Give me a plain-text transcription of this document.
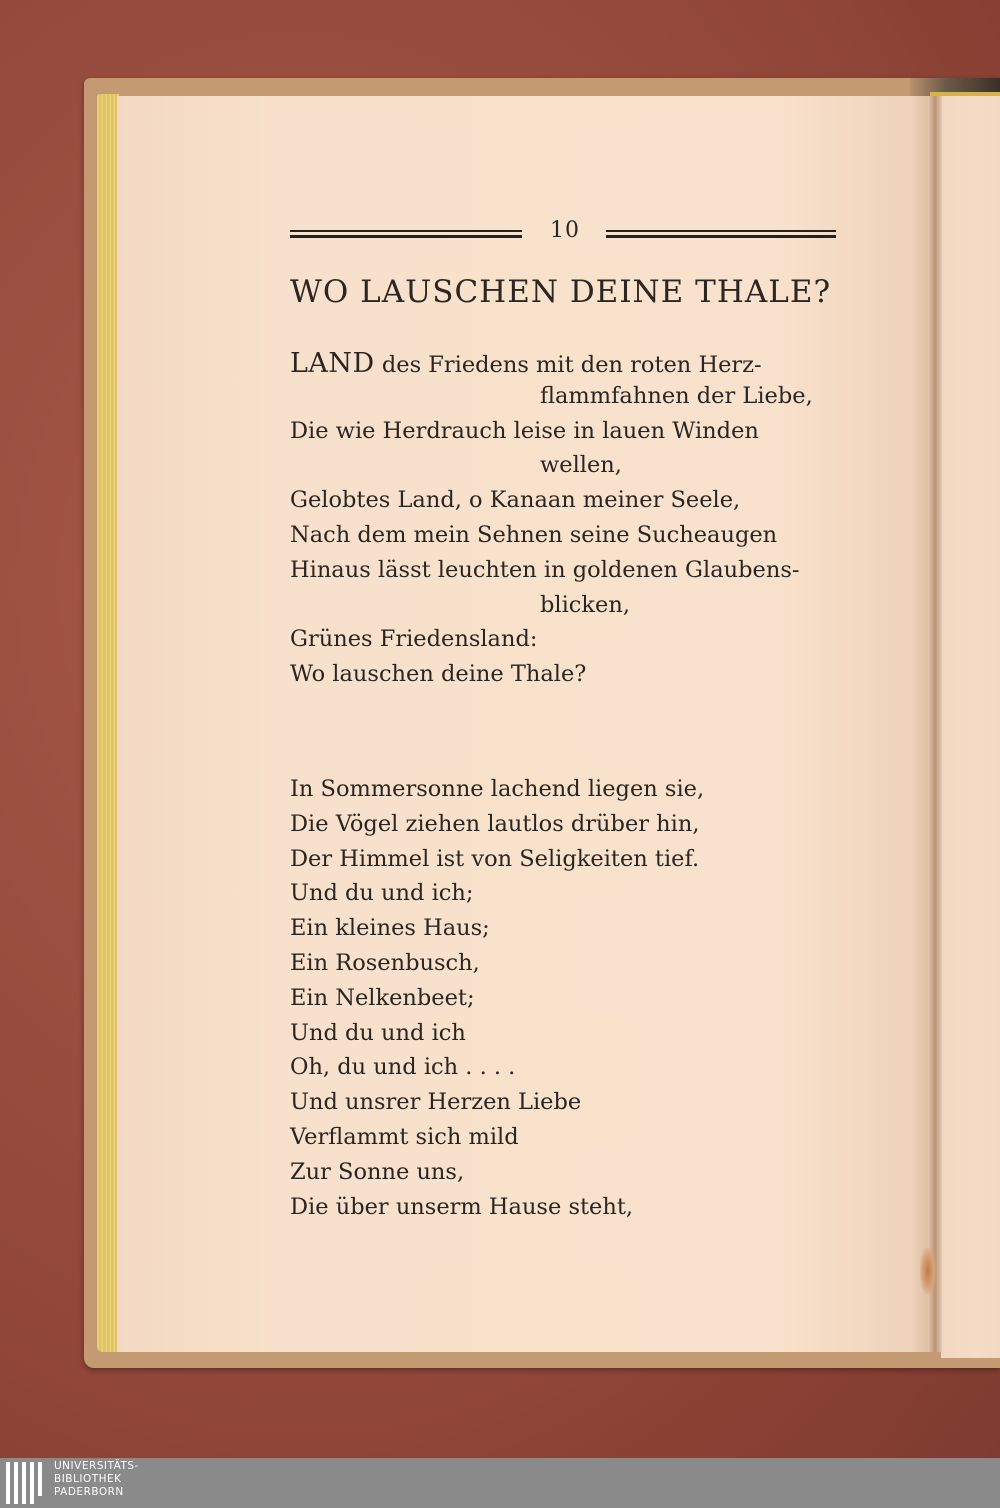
10
WO LAUSCHEN DEINE THALE?
LAND des Friedens mit den roten Herz-
flammfahnen der Liebe,
Die wie Herdrauch leise in lauen Winden
wellen,
Gelobtes Land, o Kanaan meiner Seele,
Nach dem mein Sehnen seine Sucheaugen
Hinaus lässt leuchten in goldenen Glaubens-
blicken,
Grünes Friedensland:
Wo lauschen deine Thale?
In Sommersonne lachend liegen sie,
Die Vögel ziehen lautlos drüber hin,
Der Himmel ist von Seligkeiten tief.
Und du und ich;
Ein kleines Haus;
Ein Rosenbusch,
Ein Nelkenbeet;
Und du und ich
Oh, du und ich . . . .
Und unsrer Herzen Liebe
Verflammt sich mild
Zur Sonne uns,
Die über unserm Hause steht,
UNIVERSITÄTS-
BIBLIOTHEK
PADERBORN
